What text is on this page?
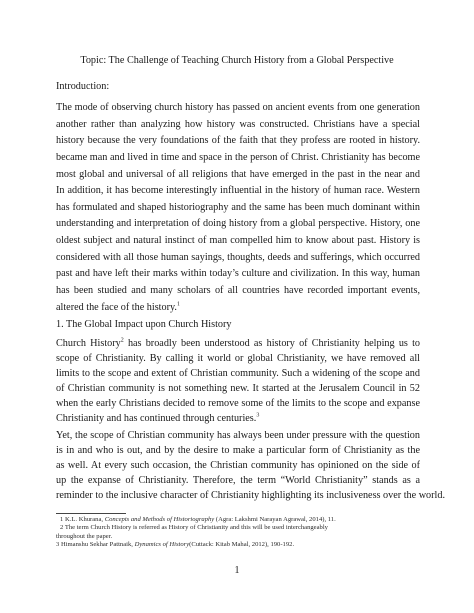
Topic: The Challenge of Teaching Church History from a Global Perspective
Introduction:
The mode of observing church history has passed on ancient events from one generation
another rather than analyzing how history was constructed. Christians have a special
history because the very foundations of the faith that they profess are rooted in history.
became man and lived in time and space in the person of Christ. Christianity has become
most global and universal of all religions that have emerged in the past in the near and
In addition, it has become interestingly influential in the history of human race. Western
has formulated and shaped historiography and the same has been much dominant within
understanding and interpretation of doing history from a global perspective. History, one
oldest subject and natural instinct of man compelled him to know about past. History is
considered with all those human sayings, thoughts, deeds and sufferings, which occurred
past and have left their marks within today’s culture and civilization. In this way, human
has been studied and many scholars of all countries have recorded important events,
altered the face of the history.$^1$
1. The Global Impact upon Church History
Church History$^2$ has broadly been understood as history of Christianity helping us to
scope of Christianity. By calling it world or global Christianity, we have removed all
limits to the scope and extent of Christian community. Such a widening of the scope and
of Christian community is not something new. It started at the Jerusalem Council in 52
when the early Christians decided to remove some of the limits to the scope and expanse
Christianity and has continued through centuries.$^3$
Yet, the scope of Christian community has always been under pressure with the question
is in and who is out, and by the desire to make a particular form of Christianity as the
as well. At every such occasion, the Christian community has opinioned on the side of
up the expanse of Christianity. Therefore, the term “World Christianity” stands as a
reminder to the inclusive character of Christianity highlighting its inclusiveness over the world.
1 K.L. Khurana, Concepts and Methods of Historiography (Agra: Lakshmi Narayan Agrawal, 2014), 11.
2 The term Church History is referred as History of Christianity and this will be used interchangeably
throughout the paper.
3 Himanshu Sekhar Pattnaik, Dynamics of History(Cuttack: Kitab Mahal, 2012), 190-192.
1
